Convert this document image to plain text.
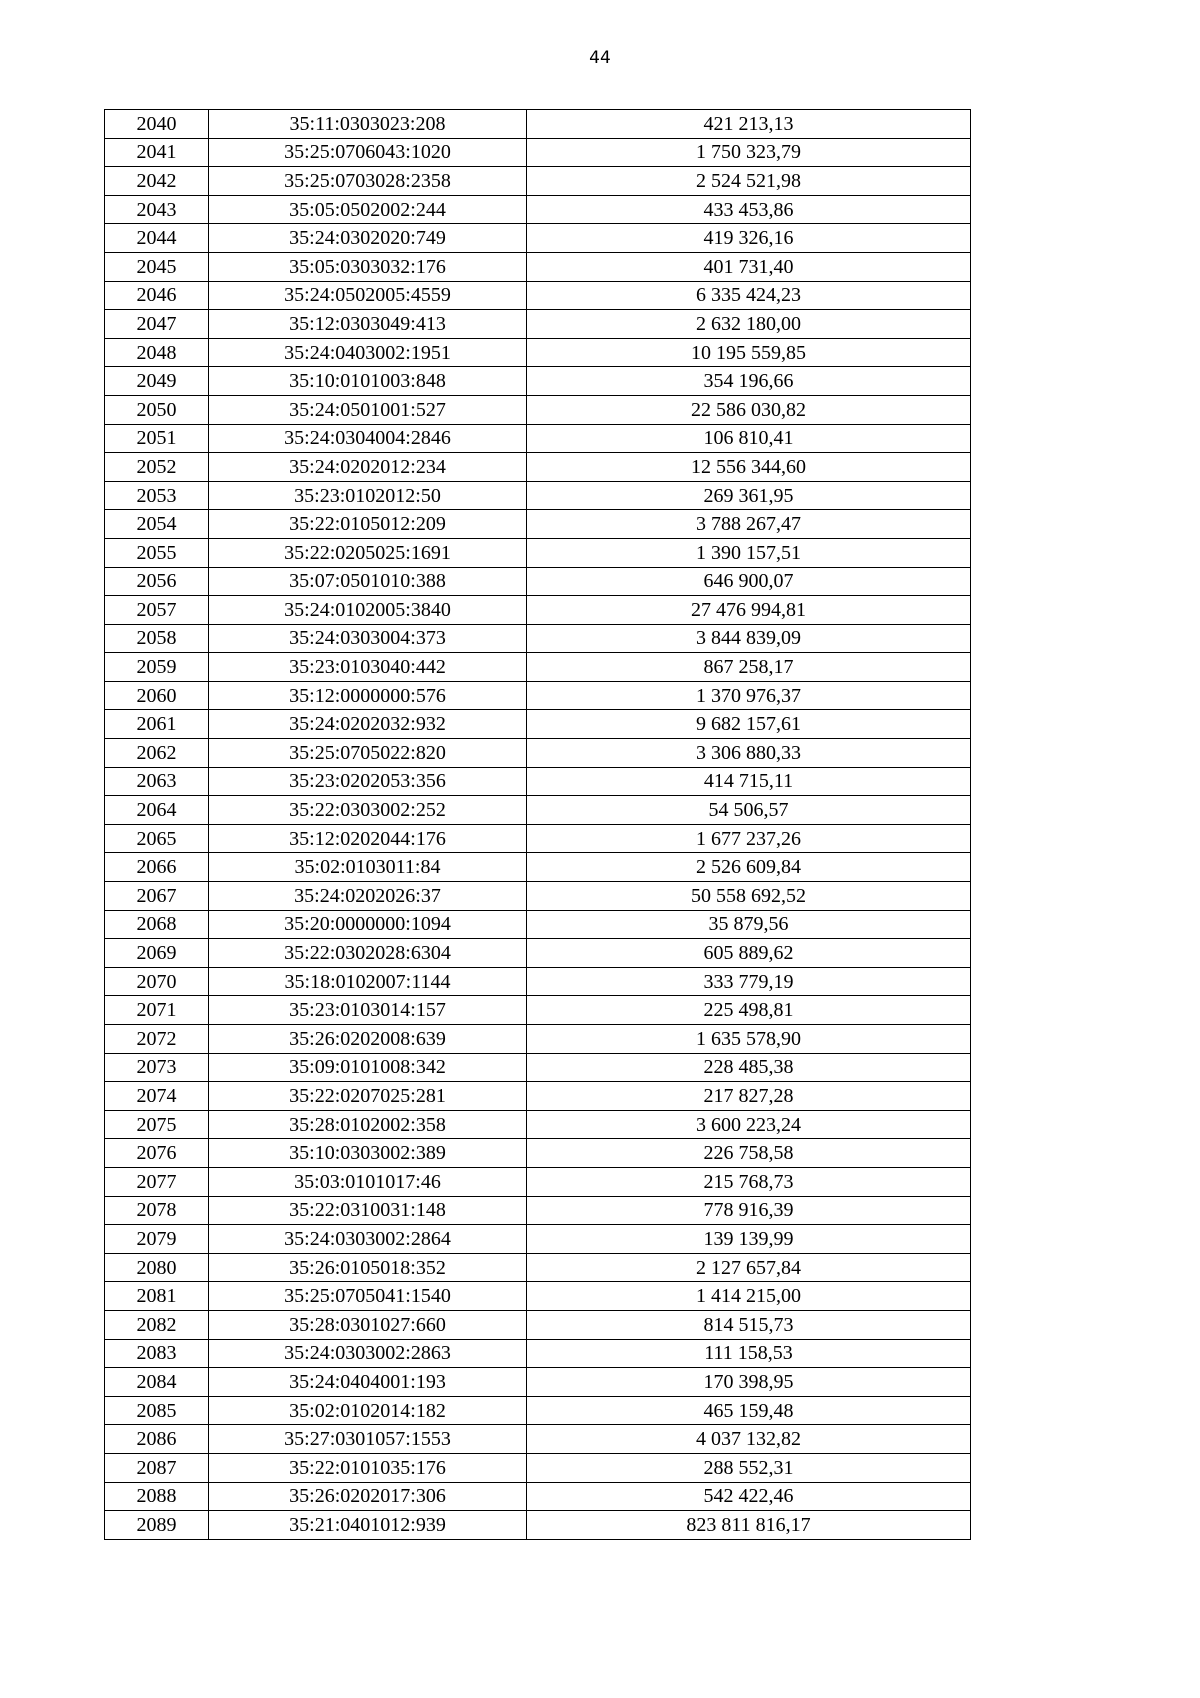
44
2040	35:11:0303023:208	421 213,13
2041	35:25:0706043:1020	1 750 323,79
2042	35:25:0703028:2358	2 524 521,98
2043	35:05:0502002:244	433 453,86
2044	35:24:0302020:749	419 326,16
2045	35:05:0303032:176	401 731,40
2046	35:24:0502005:4559	6 335 424,23
2047	35:12:0303049:413	2 632 180,00
2048	35:24:0403002:1951	10 195 559,85
2049	35:10:0101003:848	354 196,66
2050	35:24:0501001:527	22 586 030,82
2051	35:24:0304004:2846	106 810,41
2052	35:24:0202012:234	12 556 344,60
2053	35:23:0102012:50	269 361,95
2054	35:22:0105012:209	3 788 267,47
2055	35:22:0205025:1691	1 390 157,51
2056	35:07:0501010:388	646 900,07
2057	35:24:0102005:3840	27 476 994,81
2058	35:24:0303004:373	3 844 839,09
2059	35:23:0103040:442	867 258,17
2060	35:12:0000000:576	1 370 976,37
2061	35:24:0202032:932	9 682 157,61
2062	35:25:0705022:820	3 306 880,33
2063	35:23:0202053:356	414 715,11
2064	35:22:0303002:252	54 506,57
2065	35:12:0202044:176	1 677 237,26
2066	35:02:0103011:84	2 526 609,84
2067	35:24:0202026:37	50 558 692,52
2068	35:20:0000000:1094	35 879,56
2069	35:22:0302028:6304	605 889,62
2070	35:18:0102007:1144	333 779,19
2071	35:23:0103014:157	225 498,81
2072	35:26:0202008:639	1 635 578,90
2073	35:09:0101008:342	228 485,38
2074	35:22:0207025:281	217 827,28
2075	35:28:0102002:358	3 600 223,24
2076	35:10:0303002:389	226 758,58
2077	35:03:0101017:46	215 768,73
2078	35:22:0310031:148	778 916,39
2079	35:24:0303002:2864	139 139,99
2080	35:26:0105018:352	2 127 657,84
2081	35:25:0705041:1540	1 414 215,00
2082	35:28:0301027:660	814 515,73
2083	35:24:0303002:2863	111 158,53
2084	35:24:0404001:193	170 398,95
2085	35:02:0102014:182	465 159,48
2086	35:27:0301057:1553	4 037 132,82
2087	35:22:0101035:176	288 552,31
2088	35:26:0202017:306	542 422,46
2089	35:21:0401012:939	823 811 816,17
